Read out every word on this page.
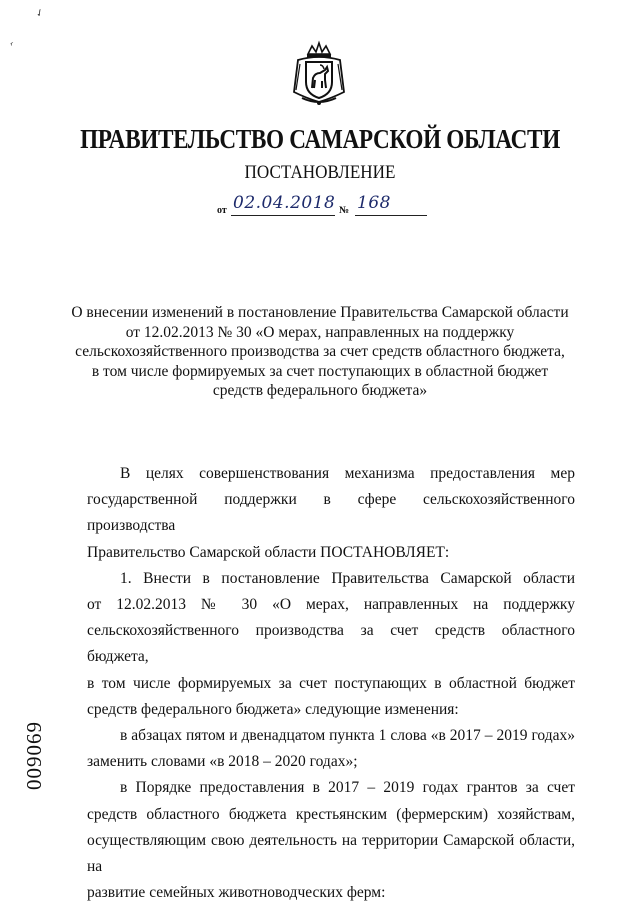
✓
‹
ПРАВИТЕЛЬСТВО САМАРСКОЙ ОБЛАСТИ
ПОСТАНОВЛЕНИЕ
от 02.04.2018 № 168
О внесении изменений в постановление Правительства Самарской области
от 12.02.2013 № 30 «О мерах, направленных на поддержку
сельскохозяйственного производства за счет средств областного бюджета,
в том числе формируемых за счет поступающих в областной бюджет
средств федерального бюджета»
В целях совершенствования механизма предоставления мер
государственной поддержки в сфере сельскохозяйственного производства
Правительство Самарской области ПОСТАНОВЛЯЕТ:
1. Внести в постановление Правительства Самарской области
от 12.02.2013 № 30 «О мерах, направленных на поддержку
сельскохозяйственного производства за счет средств областного бюджета,
в том числе формируемых за счет поступающих в областной бюджет
средств федерального бюджета» следующие изменения:
в абзацах пятом и двенадцатом пункта 1 слова «в 2017 – 2019 годах»
заменить словами «в 2018 – 2020 годах»;
в Порядке предоставления в 2017 – 2019 годах грантов за счет
средств областного бюджета крестьянским (фермерским) хозяйствам,
осуществляющим свою деятельность на территории Самарской области, на
развитие семейных животноводческих ферм:
009069
